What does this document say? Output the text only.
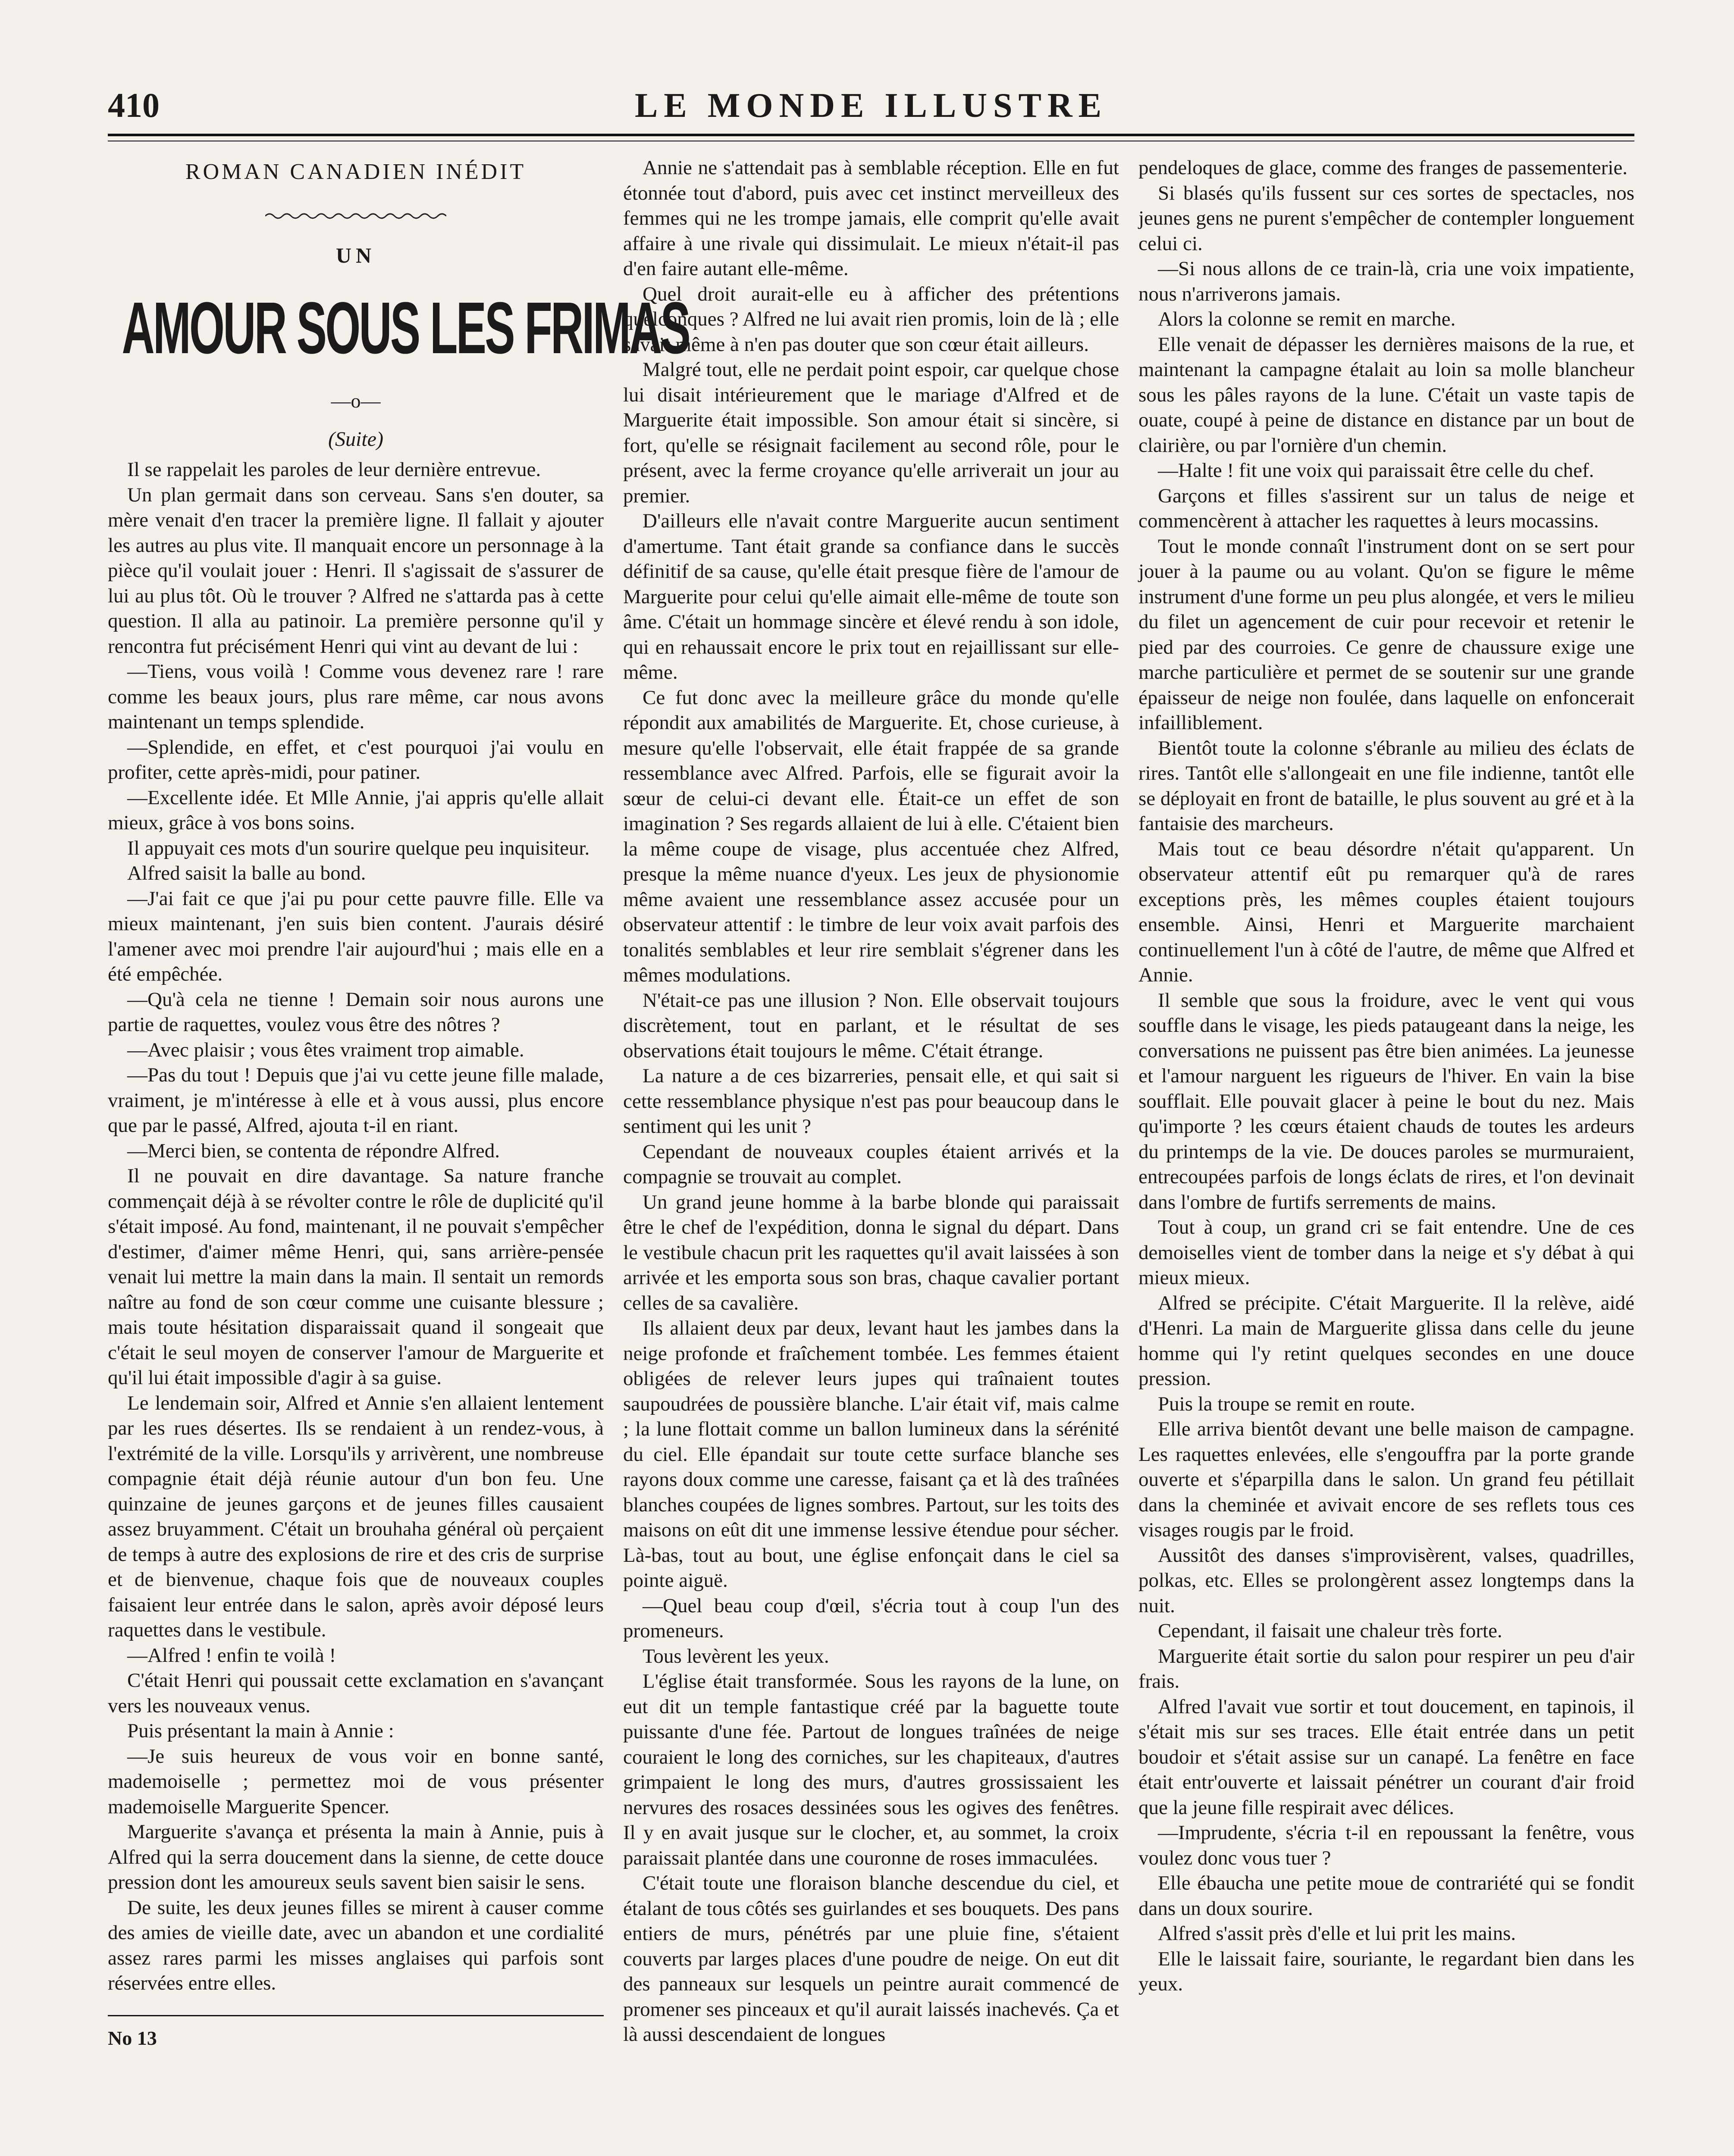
410	LE MONDE ILLUSTRE
ROMAN CANADIEN INÉDIT
UN
AMOUR SOUS LES FRIMAS
—o—
(Suite)

Il se rappelait les paroles de leur dernière entrevue.

Un plan germait dans son cerveau. Sans s'en douter, sa mère venait d'en tracer la première ligne. Il fallait y ajouter les autres au plus vite. Il manquait encore un personnage à la pièce qu'il voulait jouer : Henri. Il s'agissait de s'assurer de lui au plus tôt. Où le trouver ? Alfred ne s'attarda pas à cette question. Il alla au patinoir. La première personne qu'il y rencontra fut précisément Henri qui vint au devant de lui :

—Tiens, vous voilà ! Comme vous devenez rare ! rare comme les beaux jours, plus rare même, car nous avons maintenant un temps splendide.

—Splendide, en effet, et c'est pourquoi j'ai voulu en profiter, cette après-midi, pour patiner.

—Excellente idée. Et Mlle Annie, j'ai appris qu'elle allait mieux, grâce à vos bons soins.

Il appuyait ces mots d'un sourire quelque peu inquisiteur.

Alfred saisit la balle au bond.

—J'ai fait ce que j'ai pu pour cette pauvre fille. Elle va mieux maintenant, j'en suis bien content. J'aurais désiré l'amener avec moi prendre l'air aujourd'hui ; mais elle en a été empêchée.

—Qu'à cela ne tienne ! Demain soir nous aurons une partie de raquettes, voulez vous être des nôtres ?

—Avec plaisir ; vous êtes vraiment trop aimable.

—Pas du tout ! Depuis que j'ai vu cette jeune fille malade, vraiment, je m'intéresse à elle et à vous aussi, plus encore que par le passé, Alfred, ajouta t-il en riant.

—Merci bien, se contenta de répondre Alfred.

Il ne pouvait en dire davantage. Sa nature franche commençait déjà à se révolter contre le rôle de duplicité qu'il s'était imposé. Au fond, maintenant, il ne pouvait s'empêcher d'estimer, d'aimer même Henri, qui, sans arrière-pensée venait lui mettre la main dans la main. Il sentait un remords naître au fond de son cœur comme une cuisante blessure ; mais toute hésitation disparaissait quand il songeait que c'était le seul moyen de conserver l'amour de Marguerite et qu'il lui était impossible d'agir à sa guise.

Le lendemain soir, Alfred et Annie s'en allaient lentement par les rues désertes. Ils se rendaient à un rendez-vous, à l'extrémité de la ville. Lorsqu'ils y arrivèrent, une nombreuse compagnie était déjà réunie autour d'un bon feu. Une quinzaine de jeunes garçons et de jeunes filles causaient assez bruyamment. C'était un brouhaha général où perçaient de temps à autre des explosions de rire et des cris de surprise et de bienvenue, chaque fois que de nouveaux couples faisaient leur entrée dans le salon, après avoir déposé leurs raquettes dans le vestibule.

—Alfred ! enfin te voilà !

C'était Henri qui poussait cette exclamation en s'avançant vers les nouveaux venus.

Puis présentant la main à Annie :

—Je suis heureux de vous voir en bonne santé, mademoiselle ; permettez moi de vous présenter mademoiselle Marguerite Spencer.

Marguerite s'avança et présenta la main à Annie, puis à Alfred qui la serra doucement dans la sienne, de cette douce pression dont les amoureux seuls savent bien saisir le sens.

De suite, les deux jeunes filles se mirent à causer comme des amies de vieille date, avec un abandon et une cordialité assez rares parmi les misses anglaises qui parfois sont réservées entre elles.

No 13

Annie ne s'attendait pas à semblable réception. Elle en fut étonnée tout d'abord, puis avec cet instinct merveilleux des femmes qui ne les trompe jamais, elle comprit qu'elle avait affaire à une rivale qui dissimulait. Le mieux n'était-il pas d'en faire autant elle-même.

Quel droit aurait-elle eu à afficher des prétentions quelconques ? Alfred ne lui avait rien promis, loin de là ; elle savait même à n'en pas douter que son cœur était ailleurs.

Malgré tout, elle ne perdait point espoir, car quelque chose lui disait intérieurement que le mariage d'Alfred et de Marguerite était impossible. Son amour était si sincère, si fort, qu'elle se résignait facilement au second rôle, pour le présent, avec la ferme croyance qu'elle arriverait un jour au premier.

D'ailleurs elle n'avait contre Marguerite aucun sentiment d'amertume. Tant était grande sa confiance dans le succès définitif de sa cause, qu'elle était presque fière de l'amour de Marguerite pour celui qu'elle aimait elle-même de toute son âme. C'était un hommage sincère et élevé rendu à son idole, qui en rehaussait encore le prix tout en rejaillissant sur elle-même.

Ce fut donc avec la meilleure grâce du monde qu'elle répondit aux amabilités de Marguerite. Et, chose curieuse, à mesure qu'elle l'observait, elle était frappée de sa grande ressemblance avec Alfred. Parfois, elle se figurait avoir la sœur de celui-ci devant elle. Était-ce un effet de son imagination ? Ses regards allaient de lui à elle. C'étaient bien la même coupe de visage, plus accentuée chez Alfred, presque la même nuance d'yeux. Les jeux de physionomie même avaient une ressemblance assez accusée pour un observateur attentif : le timbre de leur voix avait parfois des tonalités semblables et leur rire semblait s'égrener dans les mêmes modulations.

N'était-ce pas une illusion ? Non. Elle observait toujours discrètement, tout en parlant, et le résultat de ses observations était toujours le même. C'était étrange.

La nature a de ces bizarreries, pensait elle, et qui sait si cette ressemblance physique n'est pas pour beaucoup dans le sentiment qui les unit ?

Cependant de nouveaux couples étaient arrivés et la compagnie se trouvait au complet.

Un grand jeune homme à la barbe blonde qui paraissait être le chef de l'expédition, donna le signal du départ. Dans le vestibule chacun prit les raquettes qu'il avait laissées à son arrivée et les emporta sous son bras, chaque cavalier portant celles de sa cavalière.

Ils allaient deux par deux, levant haut les jambes dans la neige profonde et fraîchement tombée. Les femmes étaient obligées de relever leurs jupes qui traînaient toutes saupoudrées de poussière blanche. L'air était vif, mais calme ; la lune flottait comme un ballon lumineux dans la sérénité du ciel. Elle épandait sur toute cette surface blanche ses rayons doux comme une caresse, faisant ça et là des traînées blanches coupées de lignes sombres. Partout, sur les toits des maisons on eût dit une immense lessive étendue pour sécher. Là-bas, tout au bout, une église enfonçait dans le ciel sa pointe aiguë.

—Quel beau coup d'œil, s'écria tout à coup l'un des promeneurs.

Tous levèrent les yeux.

L'église était transformée. Sous les rayons de la lune, on eut dit un temple fantastique créé par la baguette toute puissante d'une fée. Partout de longues traînées de neige couraient le long des corniches, sur les chapiteaux, d'autres grimpaient le long des murs, d'autres grossissaient les nervures des rosaces dessinées sous les ogives des fenêtres. Il y en avait jusque sur le clocher, et, au sommet, la croix paraissait plantée dans une couronne de roses immaculées.

C'était toute une floraison blanche descendue du ciel, et étalant de tous côtés ses guirlandes et ses bouquets. Des pans entiers de murs, pénétrés par une pluie fine, s'étaient couverts par larges places d'une poudre de neige. On eut dit des panneaux sur lesquels un peintre aurait commencé de promener ses pinceaux et qu'il aurait laissés inachevés. Ça et là aussi descendaient de longues

pendeloques de glace, comme des franges de passementerie.

Si blasés qu'ils fussent sur ces sortes de spectacles, nos jeunes gens ne purent s'empêcher de contempler longuement celui ci.

—Si nous allons de ce train-là, cria une voix impatiente, nous n'arriverons jamais.

Alors la colonne se remit en marche.

Elle venait de dépasser les dernières maisons de la rue, et maintenant la campagne étalait au loin sa molle blancheur sous les pâles rayons de la lune. C'était un vaste tapis de ouate, coupé à peine de distance en distance par un bout de clairière, ou par l'ornière d'un chemin.

—Halte ! fit une voix qui paraissait être celle du chef.

Garçons et filles s'assirent sur un talus de neige et commencèrent à attacher les raquettes à leurs mocassins.

Tout le monde connaît l'instrument dont on se sert pour jouer à la paume ou au volant. Qu'on se figure le même instrument d'une forme un peu plus alongée, et vers le milieu du filet un agencement de cuir pour recevoir et retenir le pied par des courroies. Ce genre de chaussure exige une marche particulière et permet de se soutenir sur une grande épaisseur de neige non foulée, dans laquelle on enfoncerait infailliblement.

Bientôt toute la colonne s'ébranle au milieu des éclats de rires. Tantôt elle s'allongeait en une file indienne, tantôt elle se déployait en front de bataille, le plus souvent au gré et à la fantaisie des marcheurs.

Mais tout ce beau désordre n'était qu'apparent. Un observateur attentif eût pu remarquer qu'à de rares exceptions près, les mêmes couples étaient toujours ensemble. Ainsi, Henri et Marguerite marchaient continuellement l'un à côté de l'autre, de même que Alfred et Annie.

Il semble que sous la froidure, avec le vent qui vous souffle dans le visage, les pieds pataugeant dans la neige, les conversations ne puissent pas être bien animées. La jeunesse et l'amour narguent les rigueurs de l'hiver. En vain la bise soufflait. Elle pouvait glacer à peine le bout du nez. Mais qu'importe ? les cœurs étaient chauds de toutes les ardeurs du printemps de la vie. De douces paroles se murmuraient, entrecoupées parfois de longs éclats de rires, et l'on devinait dans l'ombre de furtifs serrements de mains.

Tout à coup, un grand cri se fait entendre. Une de ces demoiselles vient de tomber dans la neige et s'y débat à qui mieux mieux.

Alfred se précipite. C'était Marguerite. Il la relève, aidé d'Henri. La main de Marguerite glissa dans celle du jeune homme qui l'y retint quelques secondes en une douce pression.

Puis la troupe se remit en route.

Elle arriva bientôt devant une belle maison de campagne. Les raquettes enlevées, elle s'engouffra par la porte grande ouverte et s'éparpilla dans le salon. Un grand feu pétillait dans la cheminée et avivait encore de ses reflets tous ces visages rougis par le froid.

Aussitôt des danses s'improvisèrent, valses, quadrilles, polkas, etc. Elles se prolongèrent assez longtemps dans la nuit.

Cependant, il faisait une chaleur très forte.

Marguerite était sortie du salon pour respirer un peu d'air frais.

Alfred l'avait vue sortir et tout doucement, en tapinois, il s'était mis sur ses traces. Elle était entrée dans un petit boudoir et s'était assise sur un canapé. La fenêtre en face était entr'ouverte et laissait pénétrer un courant d'air froid que la jeune fille respirait avec délices.

—Imprudente, s'écria t-il en repoussant la fenêtre, vous voulez donc vous tuer ?

Elle ébaucha une petite moue de contrariété qui se fondit dans un doux sourire.

Alfred s'assit près d'elle et lui prit les mains.

Elle le laissait faire, souriante, le regardant bien dans les yeux.
